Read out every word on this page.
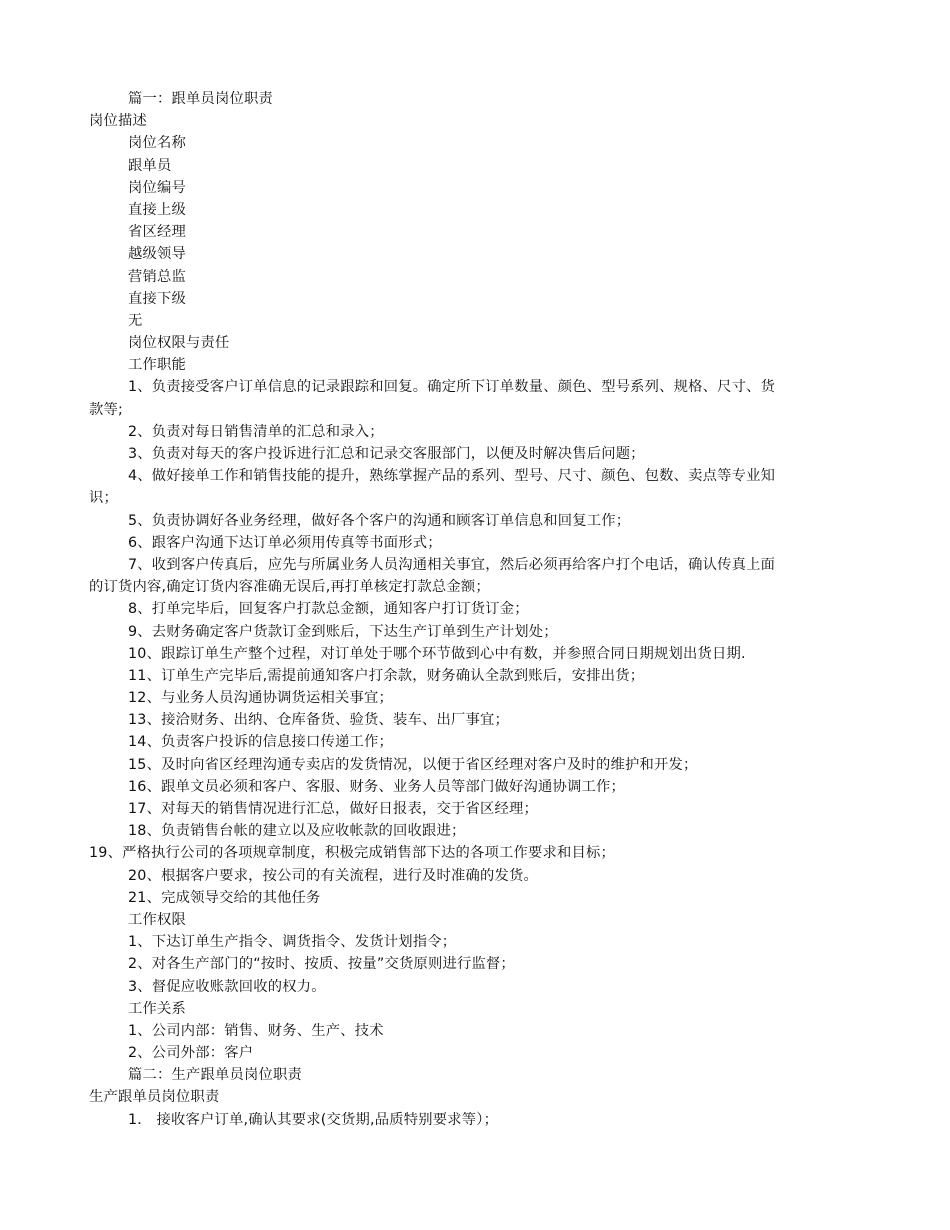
篇一：跟单员岗位职责
岗位描述
岗位名称
跟单员
岗位编号
直接上级
省区经理
越级领导
营销总监
直接下级
无
岗位权限与责任
工作职能
1、负责接受客户订单信息的记录跟踪和回复。确定所下订单数量、颜色、型号系列、规格、尺寸、货
款等;
2、负责对每日销售清单的汇总和录入；
3、负责对每天的客户投诉进行汇总和记录交客服部门，以便及时解决售后问题；
4、做好接单工作和销售技能的提升，熟练掌握产品的系列、型号、尺寸、颜色、包数、卖点等专业知
识；
5、负责协调好各业务经理，做好各个客户的沟通和顾客订单信息和回复工作；
6、跟客户沟通下达订单必须用传真等书面形式；
7、收到客户传真后，应先与所属业务人员沟通相关事宜，然后必须再给客户打个电话，确认传真上面
的订货内容,确定订货内容准确无误后,再打单核定打款总金额；
8、打单完毕后，回复客户打款总金额，通知客户打订货订金；
9、去财务确定客户货款订金到账后，下达生产订单到生产计划处；
10、跟踪订单生产整个过程，对订单处于哪个环节做到心中有数，并参照合同日期规划出货日期.
11、订单生产完毕后,需提前通知客户打余款，财务确认全款到账后，安排出货；
12、与业务人员沟通协调货运相关事宜；
13、接洽财务、出纳、仓库备货、验货、装车、出厂事宜；
14、负责客户投诉的信息接口传递工作；
15、及时向省区经理沟通专卖店的发货情况，以便于省区经理对客户及时的维护和开发；
16、跟单文员必须和客户、客服、财务、业务人员等部门做好沟通协调工作；
17、对每天的销售情况进行汇总，做好日报表，交于省区经理；
18、负责销售台帐的建立以及应收帐款的回收跟进；
19、严格执行公司的各项规章制度，积极完成销售部下达的各项工作要求和目标；
20、根据客户要求，按公司的有关流程，进行及时准确的发货。
21、完成领导交给的其他任务
工作权限
1、下达订单生产指令、调货指令、发货计划指令；
2、对各生产部门的“按时、按质、按量”交货原则进行监督；
3、督促应收账款回收的权力。
工作关系
1、公司内部：销售、财务、生产、技术
2、公司外部：客户
篇二：生产跟单员岗位职责
生产跟单员岗位职责
1． 接收客户订单,确认其要求(交货期,品质特别要求等）；
